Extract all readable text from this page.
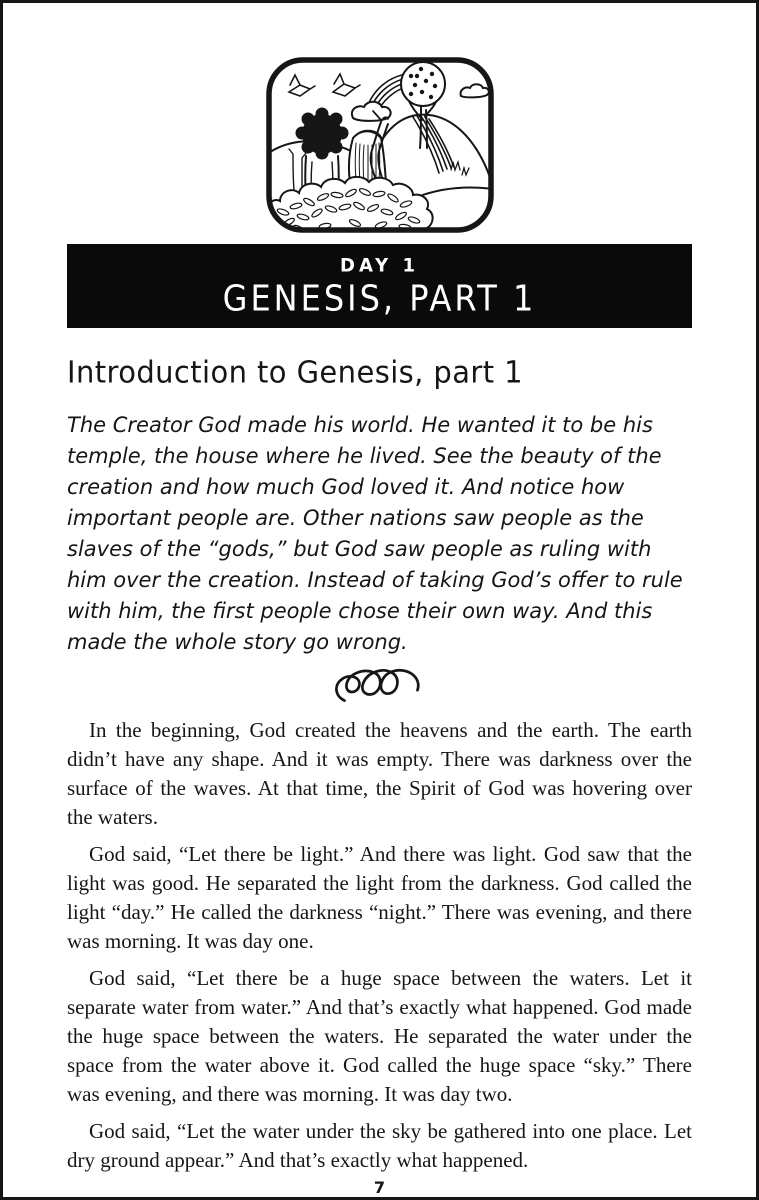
DAY 1
GENESIS, PART 1
Introduction to Genesis, part 1

The Creator God made his world. He wanted it to be his temple, the house where he lived. See the beauty of the creation and how much God loved it. And notice how important people are. Other nations saw people as the slaves of the “gods,” but God saw people as ruling with him over the creation. Instead of taking God’s offer to rule with him, the first people chose their own way. And this made the whole story go wrong.

In the beginning, God created the heavens and the earth. The earth didn’t have any shape. And it was empty. There was darkness over the surface of the waves. At that time, the Spirit of God was hovering over the waters.

God said, “Let there be light.” And there was light. God saw that the light was good. He separated the light from the darkness. God called the light “day.” He called the darkness “night.” There was evening, and there was morning. It was day one.

God said, “Let there be a huge space between the waters. Let it separate water from water.” And that’s exactly what happened. God made the huge space between the waters. He separated the water under the space from the water above it. God called the huge space “sky.” There was evening, and there was morning. It was day two.

God said, “Let the water under the sky be gathered into one place. Let dry ground appear.” And that’s exactly what happened.

7
